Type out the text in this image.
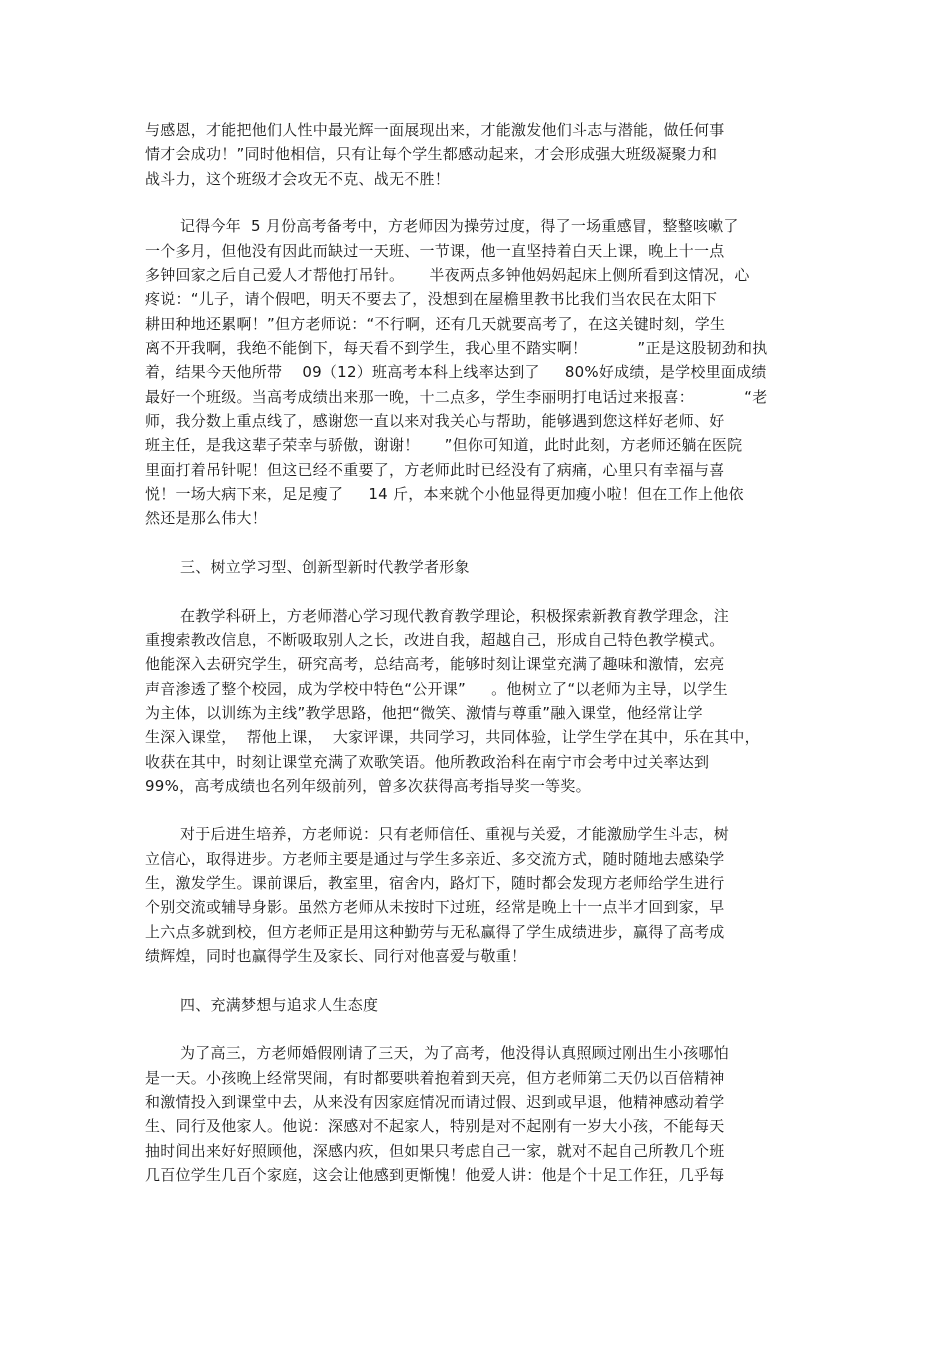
与感恩，才能把他们人性中最光辉一面展现出来，才能激发他们斗志与潜能，做任何事
情才会成功！”同时他相信，只有让每个学生都感动起来，才会形成强大班级凝聚力和
战斗力，这个班级才会攻无不克、战无不胜！
记得今年  5 月份高考备考中，方老师因为操劳过度，得了一场重感冒，整整咳嗽了
一个多月，但他没有因此而缺过一天班、一节课，他一直坚持着白天上课，晚上十一点
多钟回家之后自己爱人才帮他打吊针。     半夜两点多钟他妈妈起床上侧所看到这情况，心
疼说：“儿子，请个假吧，明天不要去了，没想到在屋檐里教书比我们当农民在太阳下
耕田种地还累啊！”但方老师说：“不行啊，还有几天就要高考了，在这关键时刻，学生
离不开我啊，我绝不能倒下，每天看不到学生，我心里不踏实啊！          ”正是这股韧劲和执
着，结果今天他所带    09（12）班高考本科上线率达到了     80%好成绩，是学校里面成绩
最好一个班级。当高考成绩出来那一晚，十二点多，学生李丽明打电话过来报喜：          “老
师，我分数上重点线了，感谢您一直以来对我关心与帮助，能够遇到您这样好老师、好
班主任，是我这辈子荣幸与骄傲，谢谢！     ”但你可知道，此时此刻，方老师还躺在医院
里面打着吊针呢！但这已经不重要了，方老师此时已经没有了病痛，心里只有幸福与喜
悦！一场大病下来，足足瘦了     14 斤，本来就个小他显得更加瘦小啦！但在工作上他依
然还是那么伟大！
三、树立学习型、创新型新时代教学者形象
在教学科研上，方老师潜心学习现代教育教学理论，积极探索新教育教学理念，注
重搜索教改信息，不断吸取别人之长，改进自我，超越自己，形成自己特色教学模式。
他能深入去研究学生，研究高考，总结高考，能够时刻让课堂充满了趣味和激情，宏亮
声音渗透了整个校园，成为学校中特色“公开课”     。他树立了“以老师为主导，以学生
为主体，以训练为主线”教学思路，他把“微笑、激情与尊重”融入课堂，他经常让学
生深入课堂，  帮他上课，  大家评课，共同学习，共同体验，让学生学在其中，乐在其中，
收获在其中，时刻让课堂充满了欢歌笑语。他所教政治科在南宁市会考中过关率达到
99%，高考成绩也名列年级前列，曾多次获得高考指导奖一等奖。
对于后进生培养，方老师说：只有老师信任、重视与关爱，才能激励学生斗志，树
立信心，取得进步。方老师主要是通过与学生多亲近、多交流方式，随时随地去感染学
生，激发学生。课前课后，教室里，宿舍内，路灯下，随时都会发现方老师给学生进行
个别交流或辅导身影。虽然方老师从未按时下过班，经常是晚上十一点半才回到家，早
上六点多就到校，但方老师正是用这种勤劳与无私赢得了学生成绩进步，赢得了高考成
绩辉煌，同时也赢得学生及家长、同行对他喜爱与敬重！
四、充满梦想与追求人生态度
为了高三，方老师婚假刚请了三天，为了高考，他没得认真照顾过刚出生小孩哪怕
是一天。小孩晚上经常哭闹，有时都要哄着抱着到天亮，但方老师第二天仍以百倍精神
和激情投入到课堂中去，从来没有因家庭情况而请过假、迟到或早退，他精神感动着学
生、同行及他家人。他说：深感对不起家人，特别是对不起刚有一岁大小孩，不能每天
抽时间出来好好照顾他，深感内疚，但如果只考虑自己一家，就对不起自己所教几个班
几百位学生几百个家庭，这会让他感到更惭愧！他爱人讲：他是个十足工作狂，几乎每
